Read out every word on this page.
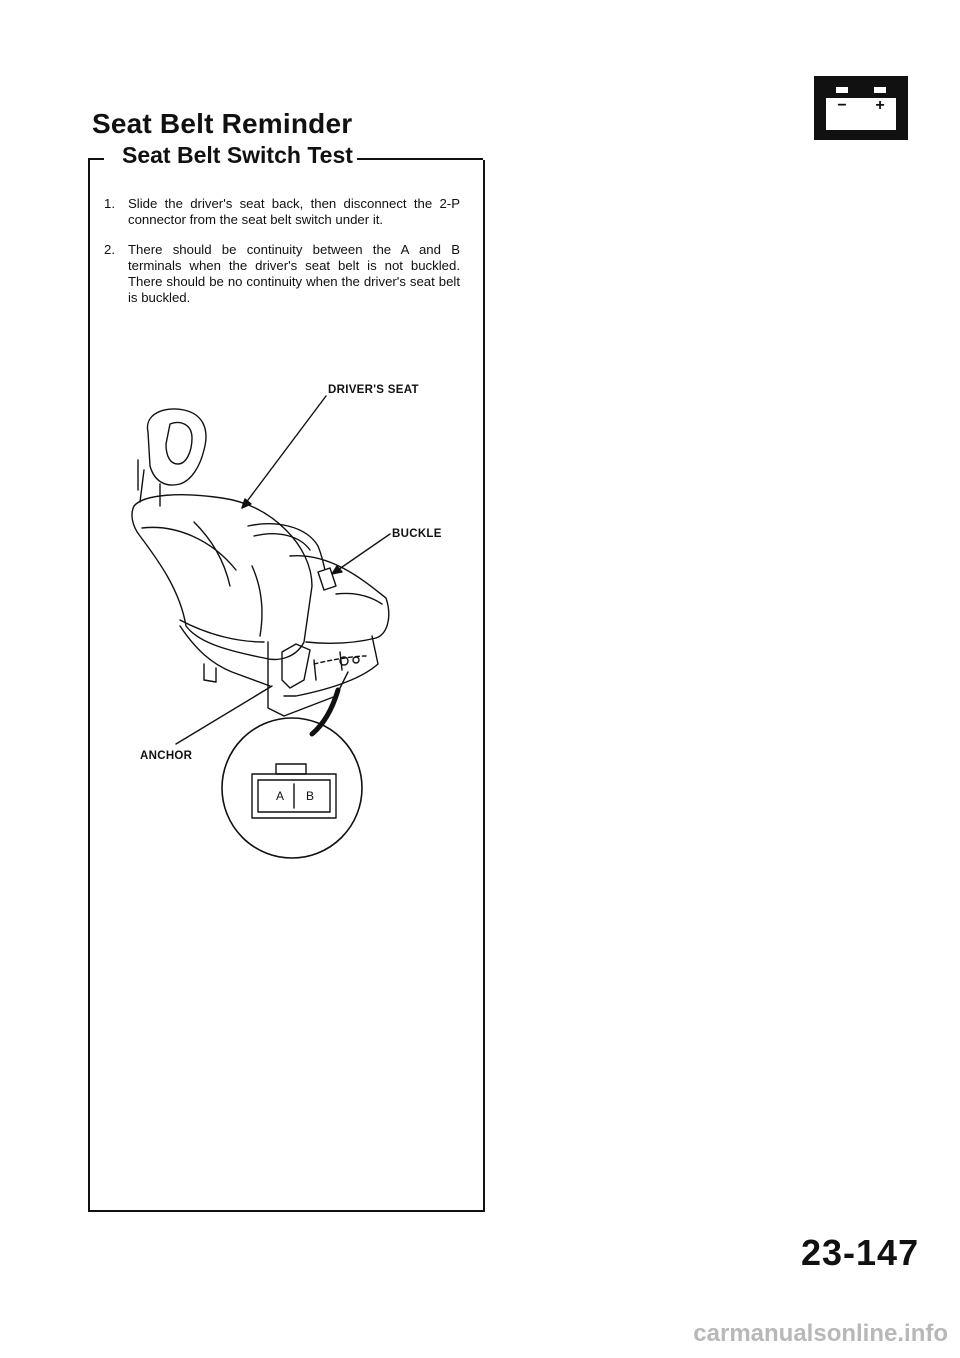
− +
Seat Belt Reminder
Seat Belt Switch Test
1. Slide the driver's seat back, then disconnect the 2-P connector from the seat belt switch under it.
2. There should be continuity between the A and B terminals when the driver's seat belt is not buckled. There should be no continuity when the driver's seat belt is buckled.
DRIVER'S SEAT
BUCKLE
ANCHOR
A B
23-147
carmanualsonline.info
